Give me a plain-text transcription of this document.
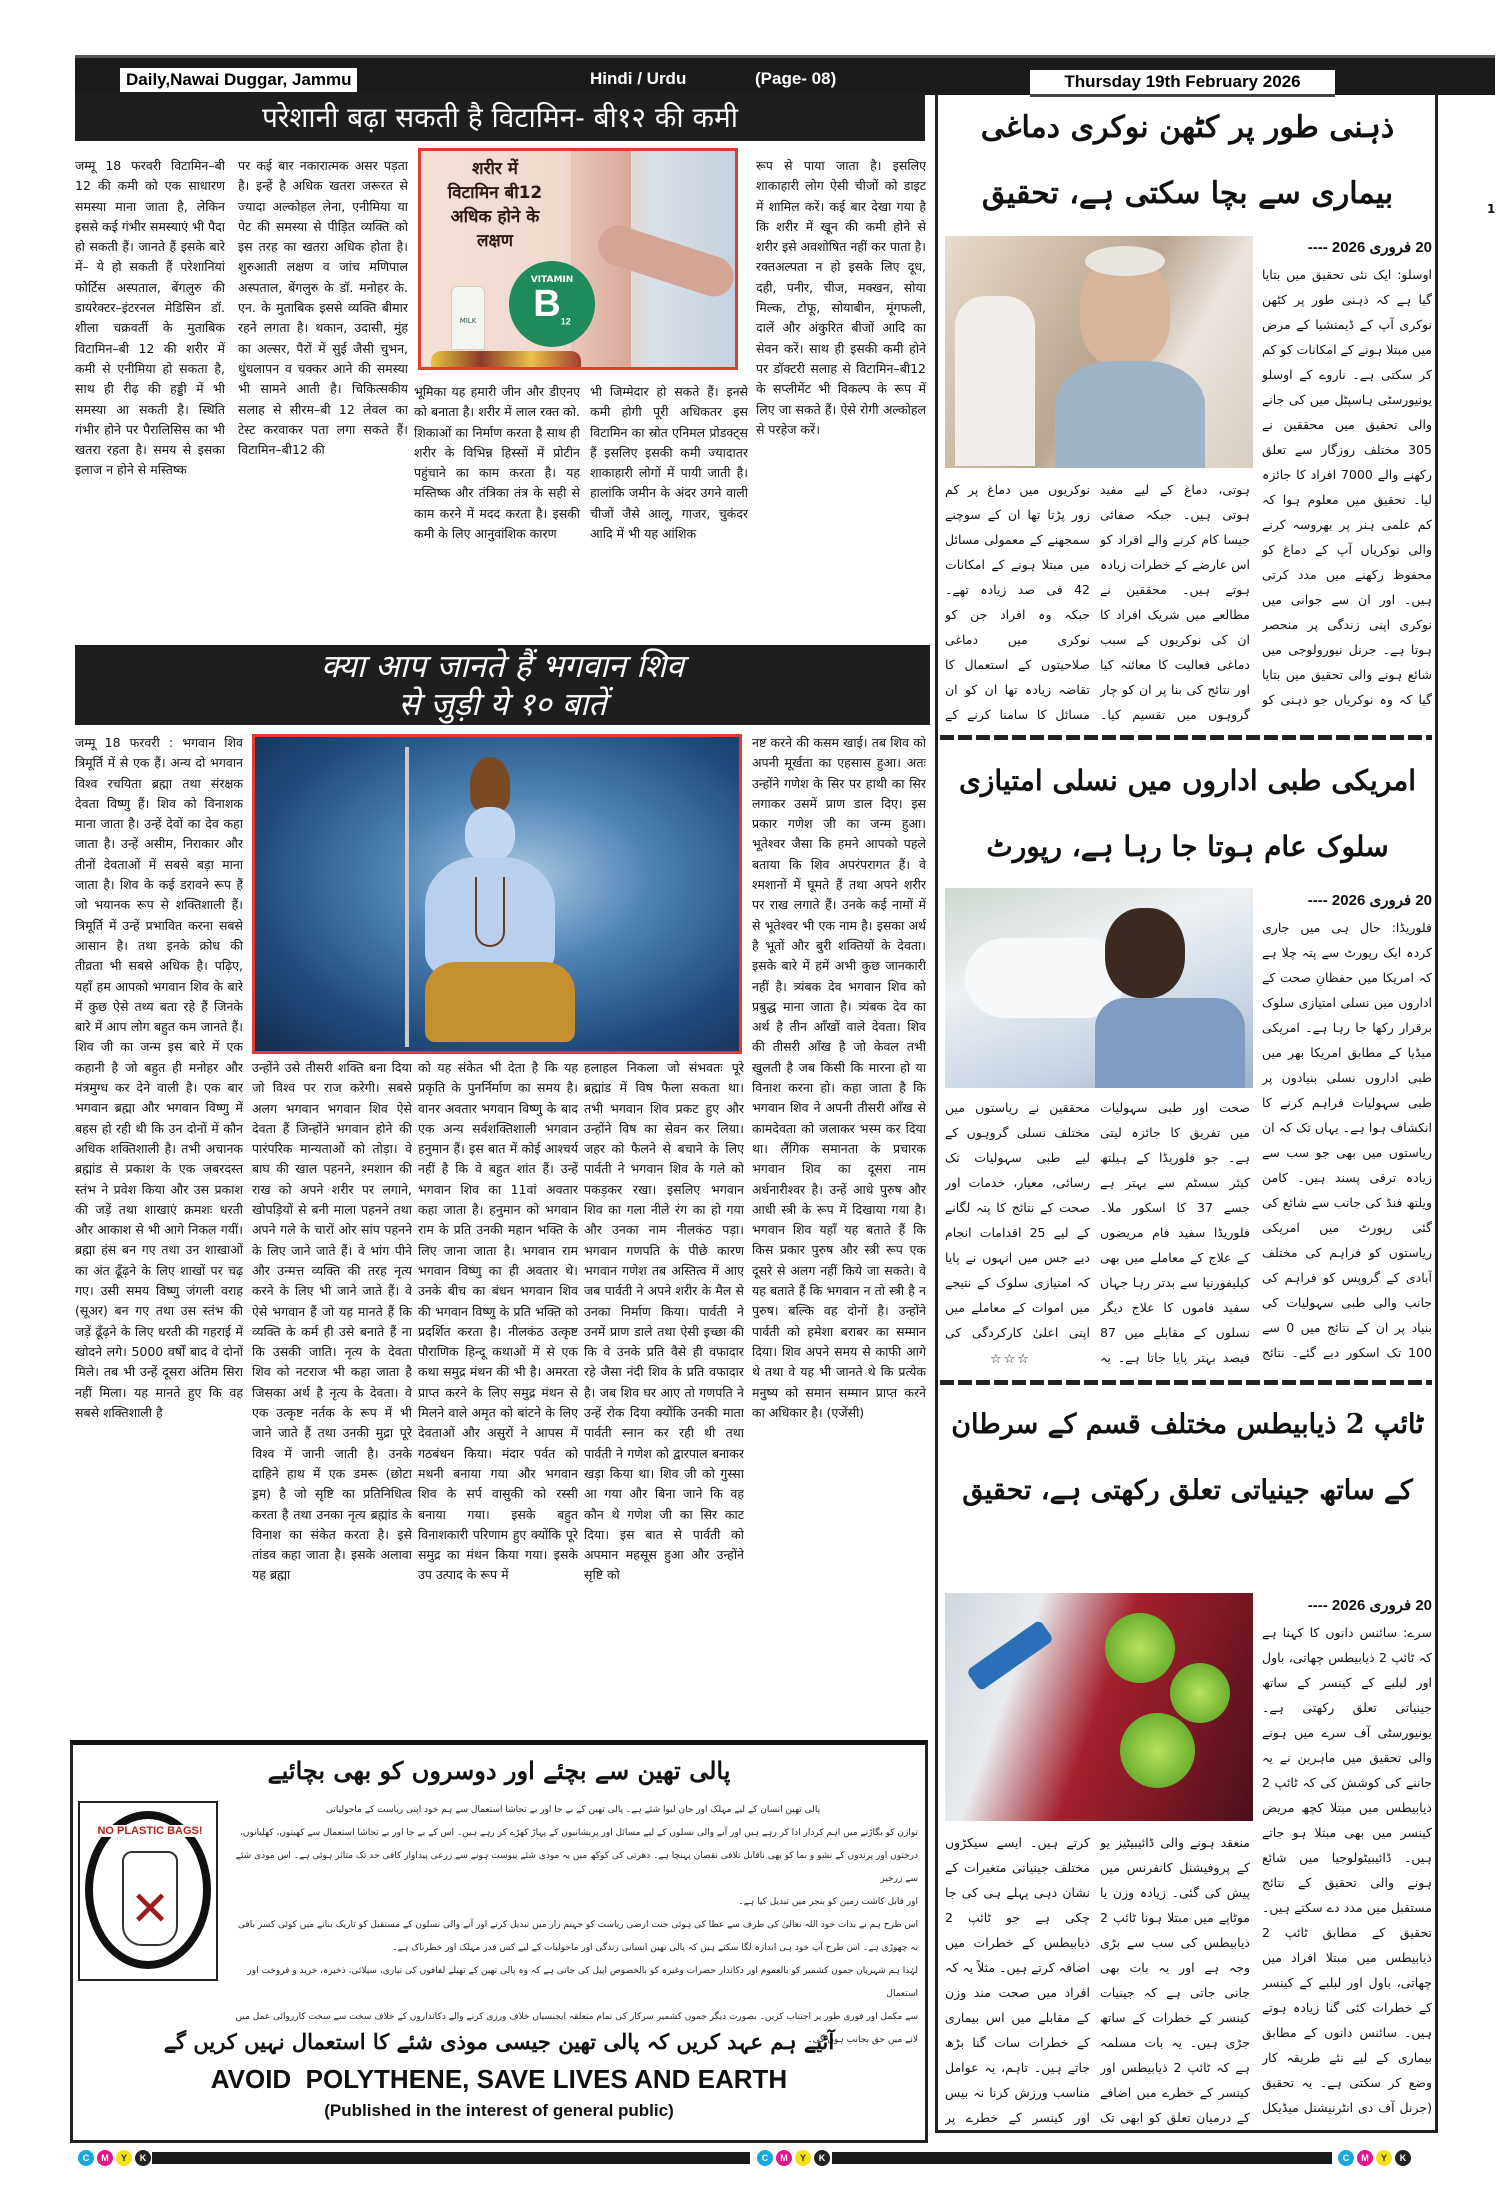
Daily,Nawai Duggar, Jammu	Hindi / Urdu	(Page- 08)	Thursday 19th February 2026
1
परेशानी बढ़ा सकती है विटामिन- बी१२ की कमी
जम्मू 18 फरवरी विटामिन–बी 12 की कमी को एक साधारण समस्या माना जाता है, लेकिन इससे कई गंभीर समस्याएं भी पैदा हो सकती हैं। जानते हैं इसके बारे में– ये हो सकती हैं परेशानियां फोर्टिस अस्पताल, बेंगलुरु की डायरेक्टर–इंटरनल मेडिसिन डॉ. शीला चक्रवर्ती के मुताबिक विटामिन–बी 12 की शरीर में कमी से एनीमिया हो सकता है, साथ ही रीढ़ की हड्डी में भी समस्या आ सकती है। स्थिति गंभीर होने पर पैरालिसिस का भी खतरा रहता है। समय से इसका इलाज न होने से मस्तिष्क
पर कई बार नकारात्मक असर पड़ता है। इन्हें है अधिक खतरा जरूरत से ज्यादा अल्कोहल लेना, एनीमिया या पेट की समस्या से पीड़ित व्यक्ति को इस तरह का खतरा अधिक होता है। शुरुआती लक्षण व जांच मणिपाल अस्पताल, बेंगलुरु के डॉ. मनोहर के. एन. के मुताबिक इससे व्यक्ति बीमार रहने लगता है। थकान, उदासी, मुंह का अल्सर, पैरों में सुई जैसी चुभन, धुंधलापन व चक्कर आने की समस्या भी सामने आती है। चिकित्सकीय सलाह से सीरम–बी 12 लेवल का टेस्ट करवाकर पता लगा सकते हैं। विटामिन–बी12 की
शरीर में
विटामिन बी12
अधिक होने के
लक्षण
VITAMIN
$B_{12}$
MILK
भूमिका यह हमारी जीन और डीएनए को बनाता है। शरीर में लाल रक्त को. शिकाओं का निर्माण करता है साथ ही शरीर के विभिन्न हिस्सों में प्रोटीन पहुंचाने का काम करता है। यह मस्तिष्क और तंत्रिका तंत्र के सही से काम करने में मदद करता है। इसकी कमी के लिए आनुवांशिक कारण
भी जिम्मेदार हो सकते हैं। इनसे कमी होगी पूरी अधिकतर इस विटामिन का स्रोत एनिमल प्रोडक्ट्स हैं इसलिए इसकी कमी ज्यादातर शाकाहारी लोगों में पायी जाती है। हालांकि जमीन के अंदर उगने वाली चीजों जैसे आलू, गाजर, चुकंदर आदि में भी यह आंशिक
रूप से पाया जाता है। इसलिए शाकाहारी लोग ऐसी चीजों को डाइट में शामिल करें। कई बार देखा गया है कि शरीर में खून की कमी होने से शरीर इसे अवशोषित नहीं कर पाता है। रक्तअल्पता न हो इसके लिए दूध, दही, पनीर, चीज, मक्खन, सोया मिल्क, टोफू, सोयाबीन, मूंगफली, दालें और अंकुरित बीजों आदि का सेवन करें। साथ ही इसकी कमी होने पर डॉक्टरी सलाह से विटामिन–बी12 के सप्लीमेंट भी विकल्प के रूप में लिए जा सकते हैं। ऐसे रोगी अल्कोहल से परहेज करें।
क्या आप जानते हैं भगवान शिव
से जुड़ी ये १० बातें
जम्मू 18 फरवरी : भगवान शिव त्रिमूर्ति में से एक हैं। अन्य दो भगवान विश्व रचयिता ब्रह्मा तथा संरक्षक देवता विष्णु हैं। शिव को विनाशक माना जाता है। उन्हें देवों का देव कहा जाता है। उन्हें असीम, निराकार और तीनों देवताओं में सबसे बड़ा माना जाता है। शिव के कई डरावने रूप हैं जो भयानक रूप से शक्तिशाली हैं। त्रिमूर्ति में उन्हें प्रभावित करना सबसे आसान है। तथा इनके क्रोध की तीव्रता भी सबसे अधिक है। पढ़िए, यहाँ हम आपको भगवान शिव के बारे में कुछ ऐसे तथ्य बता रहे हैं जिनके बारे में आप लोग बहुत कम जानते हैं। शिव जी का जन्म इस बारे में एक कहानी है जो बहुत ही मनोहर और मंत्रमुग्ध कर देने वाली है। एक बार भगवान ब्रह्मा और भगवान विष्णु में बहस हो रही थी कि उन दोनों में कौन अधिक शक्तिशाली है। तभी अचानक ब्रह्मांड से प्रकाश के एक जबरदस्त स्तंभ ने प्रवेश किया और उस प्रकाश की जड़ें तथा शाखाएं क्रमशः धरती और आकाश से भी आगे निकल गयीं। ब्रह्मा हंस बन गए तथा उन शाखाओं का अंत ढूँढ़ने के लिए शाखों पर चढ़ गए। उसी समय विष्णु जंगली वराह (सूअर) बन गए तथा उस स्तंभ की जड़ें ढूँढ़ने के लिए धरती की गहराई में खोदने लगे। 5000 वर्षों बाद वे दोनों मिले। तब भी उन्हें दूसरा अंतिम सिरा नहीं मिला। यह मानते हुए कि वह सबसे शक्तिशाली है
नष्ट करने की कसम खाई। तब शिव को अपनी मूर्खता का एहसास हुआ। अतः उन्होंने गणेश के सिर पर हाथी का सिर लगाकर उसमें प्राण डाल दिए। इस प्रकार गणेश जी का जन्म हुआ। भूतेश्वर जैसा कि हमने आपको पहले बताया कि शिव अपरंपरागत हैं। वे श्मशानों में घूमते हैं तथा अपने शरीर पर राख लगाते हैं। उनके कई नामों में से भूतेश्वर भी एक नाम है। इसका अर्थ है भूतों और बुरी शक्तियों के देवता। इसके बारे में हमें अभी कुछ जानकारी नहीं है। त्र्यंबक देव भगवान शिव को प्रबुद्ध माना जाता है। त्र्यंबक देव का अर्थ है तीन आँखों वाले देवता। शिव की तीसरी आँख है जो केवल तभी खुलती है जब किसी कि मारना हो या विनाश करना हो। कहा जाता है कि भगवान शिव ने अपनी तीसरी आँख से कामदेवता को जलाकर भस्म कर दिया था। लैंगिक समानता के प्रचारक भगवान शिव का दूसरा नाम अर्धनारीश्वर है। उन्हें आधे पुरुष और आधी स्त्री के रूप में दिखाया गया है। भगवान शिव यहाँ यह बताते हैं कि किस प्रकार पुरुष और स्त्री रूप एक दूसरे से अलग नहीं किये जा सकते। वे यह बताते हैं कि भगवान न तो स्त्री है न पुरुष। बल्कि वह दोनों है। उन्होंने पार्वती को हमेशा बराबर का सम्मान दिया। शिव अपने समय से काफी आगे थे तथा वे यह भी जानते थे कि प्रत्येक मनुष्य को समान सम्मान प्राप्त करने का अधिकार है। (एजेंसी)
उन्होंने उसे तीसरी शक्ति बना दिया जो विश्व पर राज करेगी। सबसे अलग भगवान भगवान शिव ऐसे देवता हैं जिन्होंने भगवान होने की पारंपरिक मान्यताओं को तोड़ा। वे बाघ की खाल पहनने, श्मशान की राख को अपने शरीर पर लगाने, खोपड़ियों से बनी माला पहनने तथा अपने गले के चारों ओर सांप पहनने के लिए जाने जाते हैं। वे भांग पीने और उन्मत्त व्यक्ति की तरह नृत्य करने के लिए भी जाने जाते हैं। वे ऐसे भगवान हैं जो यह मानते हैं कि व्यक्ति के कर्म ही उसे बनाते हैं ना कि उसकी जाति। नृत्य के देवता शिव को नटराज भी कहा जाता है जिसका अर्थ है नृत्य के देवता। वे एक उत्कृष्ट नर्तक के रूप में भी जाने जाते हैं तथा उनकी मुद्रा पूरे विश्व में जानी जाती है। उनके दाहिने हाथ में एक डमरू (छोटा ड्रम) है जो सृष्टि का प्रतिनिधित्व करता है तथा उनका नृत्य ब्रह्मांड के विनाश का संकेत करता है। इसे तांडव कहा जाता है। इसके अलावा यह ब्रह्मा
को यह संकेत भी देता है कि यह प्रकृति के पुनर्निर्माण का समय है। वानर अवतार भगवान विष्णु के बाद एक अन्य सर्वशक्तिशाली भगवान हनुमान हैं। इस बात में कोई आश्चर्य नहीं है कि वे बहुत शांत हैं। उन्हें भगवान शिव का 11वां अवतार कहा जाता है। हनुमान को भगवान राम के प्रति उनकी महान भक्ति के लिए जाना जाता है। भगवान राम भगवान विष्णु का ही अवतार थे। उनके बीच का बंधन भगवान शिव की भगवान विष्णु के प्रति भक्ति को प्रदर्शित करता है। नीलकंठ उत्कृष्ट पौराणिक हिन्दू कथाओं में से एक कथा समुद्र मंथन की भी है। अमरता प्राप्त करने के लिए समुद्र मंथन से मिलने वाले अमृत को बांटने के लिए देवताओं और असुरों ने आपस में गठबंधन किया। मंदार पर्वत को मथनी बनाया गया और भगवान शिव के सर्प वासुकी को रस्सी बनाया गया। इसके बहुत विनाशकारी परिणाम हुए क्योंकि पूरे समुद्र का मंथन किया गया। इसके उप उत्पाद के रूप में
हलाहल निकला जो संभवतः पूरे ब्रह्मांड में विष फैला सकता था। तभी भगवान शिव प्रकट हुए और उन्होंने विष का सेवन कर लिया। जहर को फैलने से बचाने के लिए पार्वती ने भगवान शिव के गले को पकड़कर रखा। इसलिए भगवान शिव का गला नीले रंग का हो गया और उनका नाम नीलकंठ पड़ा। भगवान गणपति के पीछे कारण भगवान गणेश तब अस्तित्व में आए जब पार्वती ने अपने शरीर के मैल से उनका निर्माण किया। पार्वती ने उनमें प्राण डाले तथा ऐसी इच्छा की कि वे उनके प्रति वैसे ही वफादार रहे जैसा नंदी शिव के प्रति वफादार है। जब शिव घर आए तो गणपति ने उन्हें रोक दिया क्योंकि उनकी माता पार्वती स्नान कर रही थी तथा पार्वती ने गणेश को द्वारपाल बनाकर खड़ा किया था। शिव जी को गुस्सा आ गया और बिना जाने कि वह कौन थे गणेश जी का सिर काट दिया। इस बात से पार्वती को अपमान महसूस हुआ और उन्होंने सृष्टि को
ذہنی طور پر کٹھن نوکری دماغی
بیماری سے بچا سکتی ہے، تحقیق
20 فروری 2026 ----
اوسلو: ایک نئی تحقیق میں بتایا گیا ہے کہ ذہنی طور پر کٹھن نوکری آپ کے ڈیمنشیا کے مرض میں مبتلا ہونے کے امکانات کو کم کر سکتی ہے۔ ناروے کے اوسلو یونیورسٹی ہاسپٹل میں کی جانے والی تحقیق میں محققین نے 305 مختلف روزگار سے تعلق رکھنے والے 7000 افراد کا جائزہ لیا۔ تحقیق میں معلوم ہوا کہ کم علمی ہنر پر بھروسہ کرنے والی نوکریاں آپ کے دماغ کو محفوظ رکھنے میں مدد کرتی ہیں۔ اور ان سے جوانی میں نوکری اپنی زندگی پر منحصر ہوتا ہے۔ جرنل نیورولوجی میں شائع ہونے والی تحقیق میں بتایا گیا کہ وہ نوکریاں جو ذہنی کو
ہوتی، دماغ کے لیے مفید ہوتی ہیں۔ جبکہ صفائی جیسا کام کرنے والے افراد کو اس عارضے کے خطرات زیادہ ہوتے ہیں۔ محققین نے مطالعے میں شریک افراد کا ان کی نوکریوں کے سبب دماغی فعالیت کا معائنہ کیا اور نتائج کی بنا پر ان کو چار گروہوں میں تقسیم کیا۔
نوکریوں میں دماغ پر کم زور پڑتا تھا ان کے سوچنے سمجھنے کے معمولی مسائل میں مبتلا ہونے کے امکانات 42 فی صد زیادہ تھے۔ جبکہ وہ افراد جن کو نوکری میں دماغی صلاحیتوں کے استعمال کا تقاضہ زیادہ تھا ان کو ان مسائل کا سامنا کرنے کے
امریکی طبی اداروں میں نسلی امتیازی
سلوک عام ہوتا جا رہا ہے، رپورٹ
20 فروری 2026 ----
فلوریڈا: حال ہی میں جاری کردہ ایک رپورٹ سے پتہ چلا ہے کہ امریکا میں حفظانِ صحت کے اداروں میں نسلی امتیازی سلوک برقرار رکھا جا رہا ہے۔ امریکی میڈیا کے مطابق امریکا بھر میں طبی اداروں نسلی بنیادوں پر طبی سہولیات فراہم کرنے کا انکشاف ہوا ہے۔ یہاں تک کہ ان ریاستوں میں بھی جو سب سے زیادہ ترقی پسند ہیں۔ کامن ویلتھ فنڈ کی جانب سے شائع کی گئی رپورٹ میں امریکی ریاستوں کو فراہم کی مختلف آبادی کے گروپس کو فراہم کی جانب والی طبی سہولیات کی بنیاد پر ان کے نتائج میں 0 سے 100 تک اسکور دیے گئے۔ نتائج
صحت اور طبی سہولیات میں تفریق کا جائزہ لیتی ہے۔ جو فلوریڈا کے ہیلتھ کیئر سسٹم سے بہتر ہے جسے 37 کا اسکور ملا۔ فلوریڈا سفید فام مریضوں کے علاج کے معاملے میں بھی کیلیفورنیا سے بدتر رہا جہاں سفید فاموں کا علاج دیگر نسلوں کے مقابلے میں 87 فیصد بہتر پایا جاتا ہے۔ یہ
محققین نے ریاستوں میں مختلف نسلی گروہوں کے لیے طبی سہولیات تک رسائی، معیار، خدمات اور صحت کے نتائج کا پتہ لگانے کے لیے 25 اقدامات انجام دیے جس میں انہوں نے پایا کہ امتیازی سلوک کے نتیجے میں اموات کے معاملے میں اپنی اعلیٰ کارکردگی کی
☆☆☆
ٹائپ 2 ذیابیطس مختلف قسم کے سرطان
کے ساتھ جینیاتی تعلق رکھتی ہے، تحقیق
20 فروری 2026 ----
سرے: سائنس دانوں کا کہنا ہے کہ ٹائپ 2 ذیابیطس چھاتی، باول اور لبلبے کے کینسر کے ساتھ جینیاتی تعلق رکھتی ہے۔ یونیورسٹی آف سرے میں ہونے والی تحقیق میں ماہرین نے یہ جاننے کی کوشش کی کہ ٹائپ 2 ذیابیطس میں مبتلا کچھ مریض کینسر میں بھی مبتلا ہو جاتے ہیں۔ ڈائیبیٹولوجیا میں شائع ہونے والی تحقیق کے نتائج مستقبل میں مدد دے سکتے ہیں۔ تحقیق کے مطابق ٹائپ 2 ذیابیطس میں مبتلا افراد میں چھاتی، باول اور لبلبے کے کینسر کے خطرات کئی گنا زیادہ ہوتے ہیں۔ سائنس دانوں کے مطابق بیماری کے لیے نئے طریقہ کار وضع کر سکتی ہے۔ یہ تحقیق (جرنل آف دی انٹرنیشنل میڈیکل
منعقد ہونے والی ڈائیبیٹیز یو کے پروفیشنل کانفرنس میں پیش کی گئی۔ زیادہ وزن یا موٹاپے میں مبتلا ہونا ٹائپ 2 ذیابیطس کی سب سے بڑی وجہ ہے اور یہ بات بھی جانی جاتی ہے کہ جینیات کینسر کے خطرات کے ساتھ جڑی ہیں۔ یہ بات مسلمہ ہے کہ ٹائپ 2 ذیابیطس اور کینسر کے خطرے میں اضافے کے درمیان تعلق کو ابھی تک
کرتے ہیں۔ ایسے سیکڑوں مختلف جینیاتی متغیرات کے نشان دہی پہلے ہی کی جا چکی ہے جو ٹائپ 2 ذیابیطس کے خطرات میں اضافہ کرتے ہیں۔ مثلاً یہ کہ افراد میں صحت مند وزن کے مقابلے میں اس بیماری کے خطرات سات گنا بڑھ جاتے ہیں۔ تاہم، یہ عوامل مناسب ورزش کرنا نہ بیس اور کینسر کے خطرے پر
پالی تھین سے بچئے اور دوسروں کو بھی بچائیے
NO PLASTIC BAGS!
✕
پالی تھین انسان کے لیے مہلک اور جان لیوا شئے ہے۔ پالی تھین کے بے جا اور بے تحاشا استعمال سے ہم خود اپنی ریاست کے ماحولیاتی
توازن کو بگاڑنے میں اہم کردار ادا کر رہے ہیں اور آنے والی نسلوں کے لیے مسائل اور پریشانیوں کے پہاڑ کھڑے کر رہے ہیں۔ اس کے بے جا اور بے تحاشا استعمال سے کھیتوں، کھلیانوں،
درختوں اور پرندوں کے نشو و نما کو بھی ناقابل تلافی نقصان پہنچا ہے۔ دھرتی کی کوکھ میں یہ موذی شئے پیوست ہونے سے زرعی پیداوار کافی حد تک متاثر ہوئی ہے۔ اس موذی شئے سے زرخیز
اور قابل کاشت زمین کو بنجر میں تبدیل کیا ہے۔
اس طرح ہم نے بذات خود اللہ تعالیٰ کی طرف سے عطا کی ہوئی جنت ارضی ریاست کو جہنم زار میں تبدیل کرنے اور آنے والی نسلوں کے مستقبل کو تاریک بنانے میں کوئی کسر باقی
نہ چھوڑی ہے۔ اس طرح آپ خود ہی اندازہ لگا سکتے ہیں کہ پالی تھین انسانی زندگی اور ماحولیات کے لیے کس قدر مہلک اور خطرناک ہے۔
لہٰذا ہم شہریان جموں کشمیر کو بالعموم اور دکاندار حضرات وغیرہ کو بالخصوص اپیل کی جاتی ہے کہ وہ پالی تھین کے تھیلے لفافوں کی تیاری، سپلائی، ذخیرہ، خرید و فروخت اور استعمال
سے مکمل اور فوری طور پر اجتناب کریں۔ بصورت دیگر جموں کشمیر سرکار کی تمام متعلقہ ایجنسیاں خلاف ورزی کرنے والے دکانداروں کے خلاف سخت سے سخت کارروائی عمل میں لانے میں حق بجانب ہوں گی۔
آئیے ہم عہد کریں کہ پالی تھین جیسی موذی شئے کا استعمال نہیں کریں گے
AVOID  POLYTHENE, SAVE LIVES AND EARTH
(Published in the interest of general public)
C	M	Y	K	C	M	Y	K	C	M	Y	K
